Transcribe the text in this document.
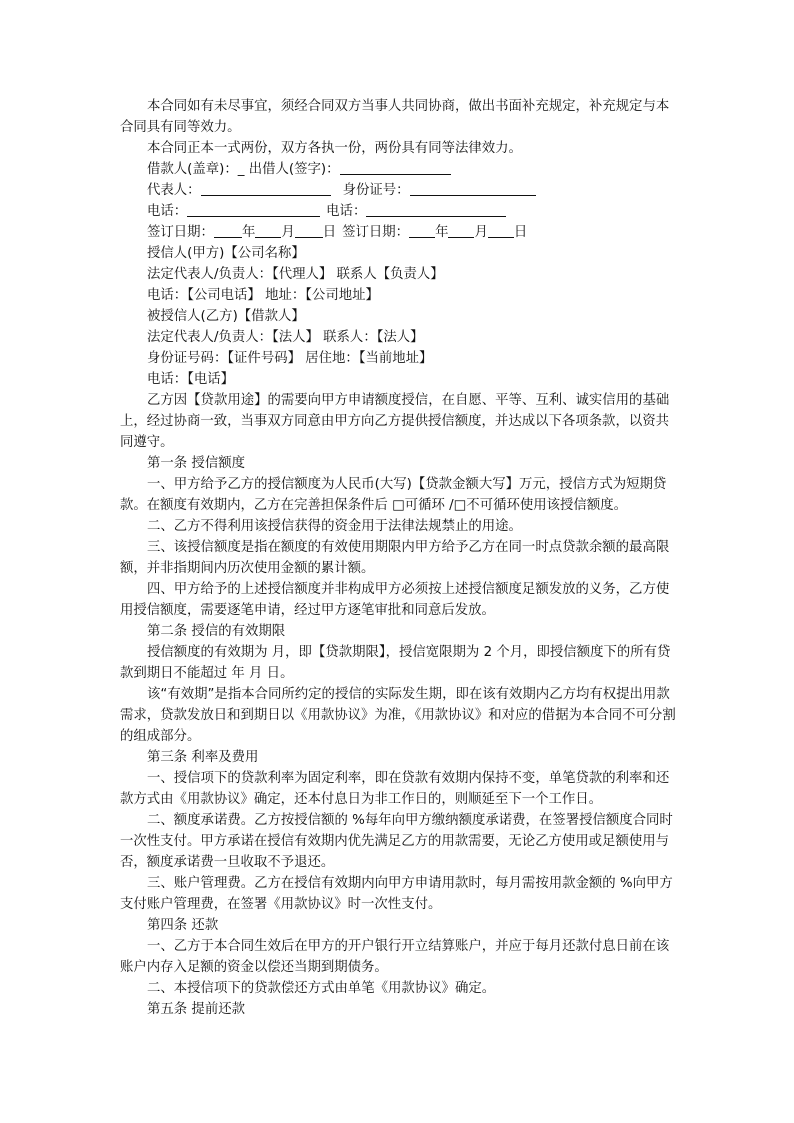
本合同如有未尽事宜，须经合同双方当事人共同协商，做出书面补充规定，补充规定与本合同具有同等效力。

本合同正本一式两份，双方各执一份，两份具有同等法律效力。

借款人(盖章)：_ 出借人(签字)：

代表人：	身份证号：

电话：	电话：

签订日期： 年 月 日 签订日期： 年 月 日

授信人(甲方)【公司名称】

法定代表人/负责人：【代理人】 联系人【负责人】

电话：【公司电话】 地址：【公司地址】

被授信人(乙方)【借款人】

法定代表人/负责人：【法人】 联系人：【法人】

身份证号码：【证件号码】 居住地：【当前地址】

电话：【电话】

乙方因【贷款用途】的需要向甲方申请额度授信，在自愿、平等、互利、诚实信用的基础上，经过协商一致，当事双方同意由甲方向乙方提供授信额度，并达成以下各项条款，以资共同遵守。

第一条 授信额度

一、甲方给予乙方的授信额度为人民币(大写)【贷款金额大写】万元，授信方式为短期贷款。在额度有效期内，乙方在完善担保条件后 □可循环 /□不可循环使用该授信额度。

二、乙方不得利用该授信获得的资金用于法律法规禁止的用途。

三、该授信额度是指在额度的有效使用期限内甲方给予乙方在同一时点贷款余额的最高限额，并非指期间内历次使用金额的累计额。

四、甲方给予的上述授信额度并非构成甲方必须按上述授信额度足额发放的义务，乙方使用授信额度，需要逐笔申请，经过甲方逐笔审批和同意后发放。

第二条 授信的有效期限

授信额度的有效期为 月，即【贷款期限】，授信宽限期为 2 个月，即授信额度下的所有贷款到期日不能超过 年 月 日。

该“有效期”是指本合同所约定的授信的实际发生期，即在该有效期内乙方均有权提出用款需求，贷款发放日和到期日以《用款协议》为准，《用款协议》和对应的借据为本合同不可分割的组成部分。

第三条 利率及费用

一、授信项下的贷款利率为固定利率，即在贷款有效期内保持不变，单笔贷款的利率和还款方式由《用款协议》确定，还本付息日为非工作日的，则顺延至下一个工作日。

二、额度承诺费。乙方按授信额的 %每年向甲方缴纳额度承诺费，在签署授信额度合同时一次性支付。甲方承诺在授信有效期内优先满足乙方的用款需要，无论乙方使用或足额使用与否，额度承诺费一旦收取不予退还。

三、账户管理费。乙方在授信有效期内向甲方申请用款时，每月需按用款金额的 %向甲方支付账户管理费，在签署《用款协议》时一次性支付。

第四条 还款

一、乙方于本合同生效后在甲方的开户银行开立结算账户，并应于每月还款付息日前在该账户内存入足额的资金以偿还当期到期债务。

二、本授信项下的贷款偿还方式由单笔《用款协议》确定。

第五条 提前还款
